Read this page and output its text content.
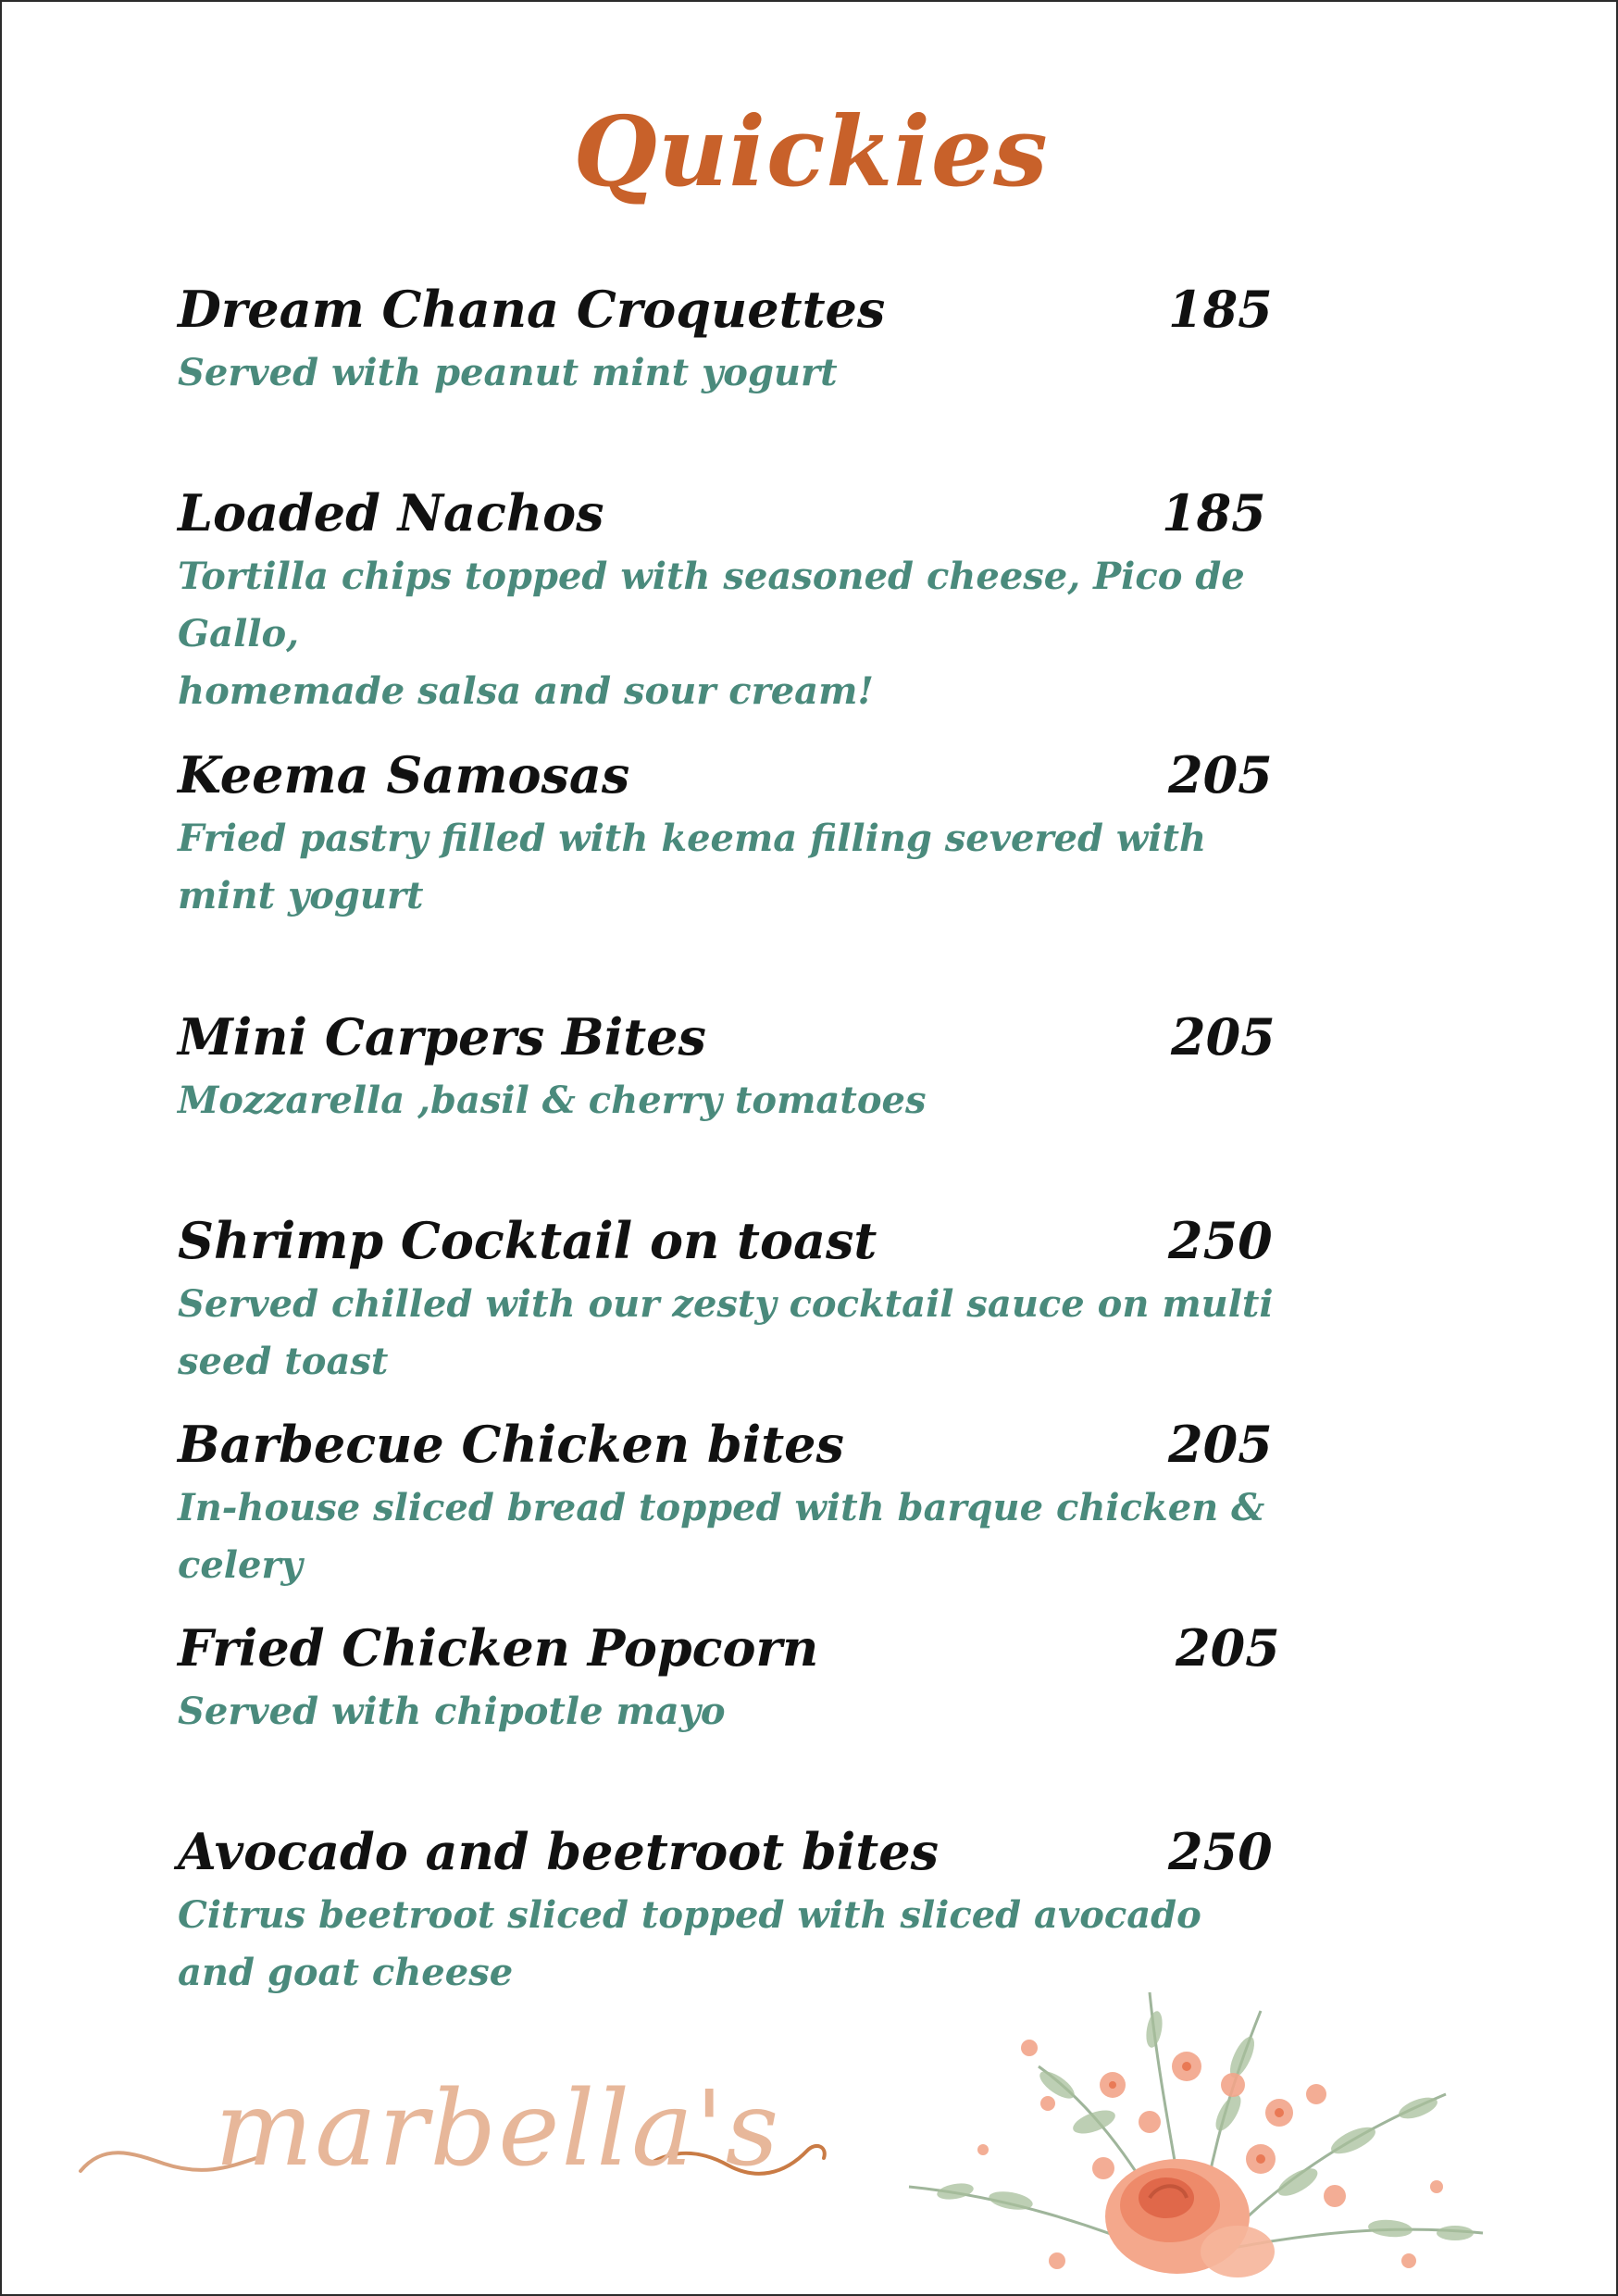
Quickies
Dream Chana Croquettes	185
Served with peanut mint yogurt
Loaded Nachos	185
Tortilla chips topped with seasoned cheese, Pico de Gallo,
homemade salsa and sour cream!
Keema Samosas	205
Fried pastry filled with keema filling severed with
mint yogurt
Mini Carpers Bites	205
Mozzarella ,basil & cherry tomatoes
Shrimp Cocktail on toast	250
Served chilled with our zesty cocktail sauce on multi seed toast
Barbecue Chicken bites	205
In-house sliced bread topped with barque chicken & celery
Fried Chicken Popcorn	205
Served with chipotle mayo
Avocado and beetroot bites	250
Citrus beetroot sliced topped with sliced avocado
and goat cheese
marbella's
